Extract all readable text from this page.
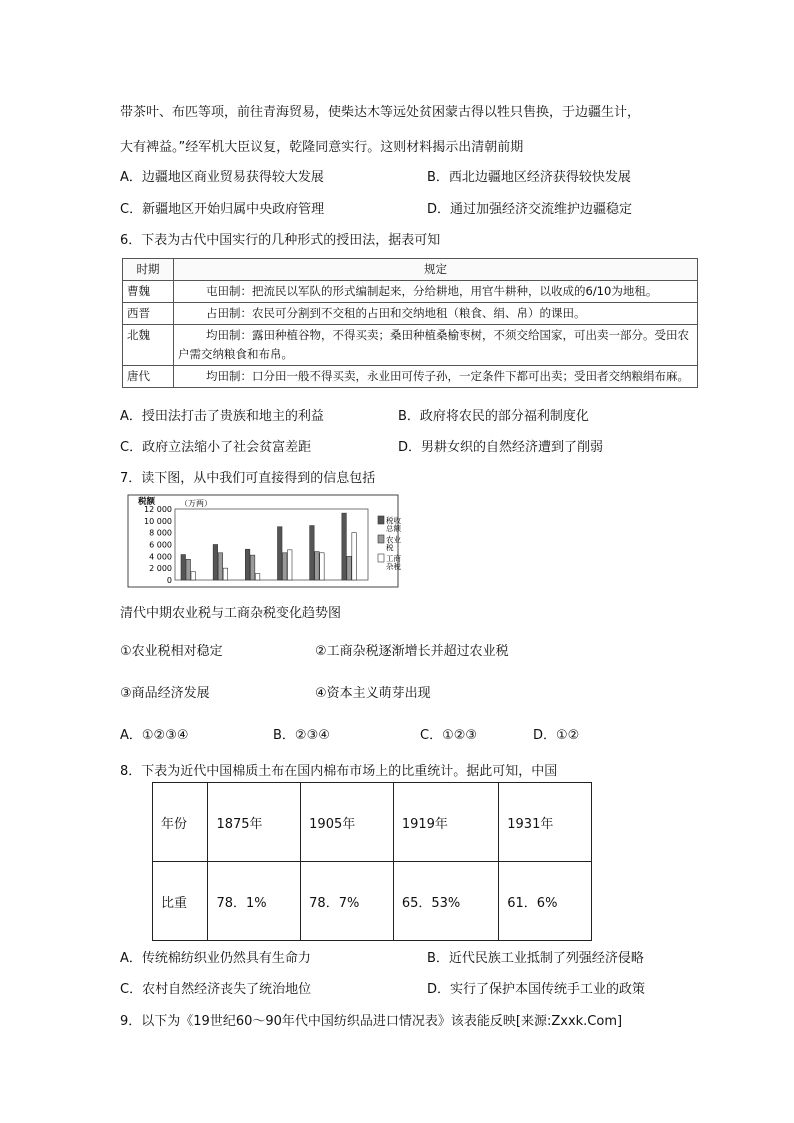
带茶叶、布匹等项，前往青海贸易，使柴达木等远处贫困蒙古得以牲只售换，于边疆生计，
大有裨益。”经军机大臣议复，乾隆同意实行。这则材料揭示出清朝前期
A．边疆地区商业贸易获得较大发展	B．西北边疆地区经济获得较快发展
C．新疆地区开始归属中央政府管理	D．通过加强经济交流维护边疆稳定
6．下表为古代中国实行的几种形式的授田法，据表可知
时期	规定
曹魏	屯田制：把流民以军队的形式编制起来，分给耕地，用官牛耕种，以收成的6/10为地租。
西晋	占田制：农民可分割到不交租的占田和交纳地租（粮食、绢、帛）的课田。
北魏	均田制：露田种植谷物，不得买卖；桑田种植桑榆枣树，不须交给国家，可出卖一部分。受田农户需交纳粮食和布帛。
唐代	均田制：口分田一般不得买卖，永业田可传子孙，一定条件下都可出卖；受田者交纳粮绢布麻。
A．授田法打击了贵族和地主的利益	B．政府将农民的部分福利制度化
C．政府立法缩小了社会贫富差距	D．男耕女织的自然经济遭到了削弱
7．读下图，从中我们可直接得到的信息包括
税额	（万两）
0
2 000
4 000
6 000
8 000
10 000
12 000
税收
总额
农业
税
工商
杂税
清代中期农业税与工商杂税变化趋势图
①农业税相对稳定	②工商杂税逐渐增长并超过农业税
③商品经济发展	④资本主义萌芽出现
A．①②③④	B．②③④	C．①②③	D．①②
8．下表为近代中国棉质土布在国内棉布市场上的比重统计。据此可知，中国
年份	1875年	1905年	1919年	1931年
比重	78．1%	78．7%	65．53%	61．6%
A．传统棉纺织业仍然具有生命力	B．近代民族工业抵制了列强经济侵略
C．农村自然经济丧失了统治地位	D．实行了保护本国传统手工业的政策
9．以下为《19世纪60～90年代中国纺织品进口情况表》该表能反映[来源:Zxxk.Com]
